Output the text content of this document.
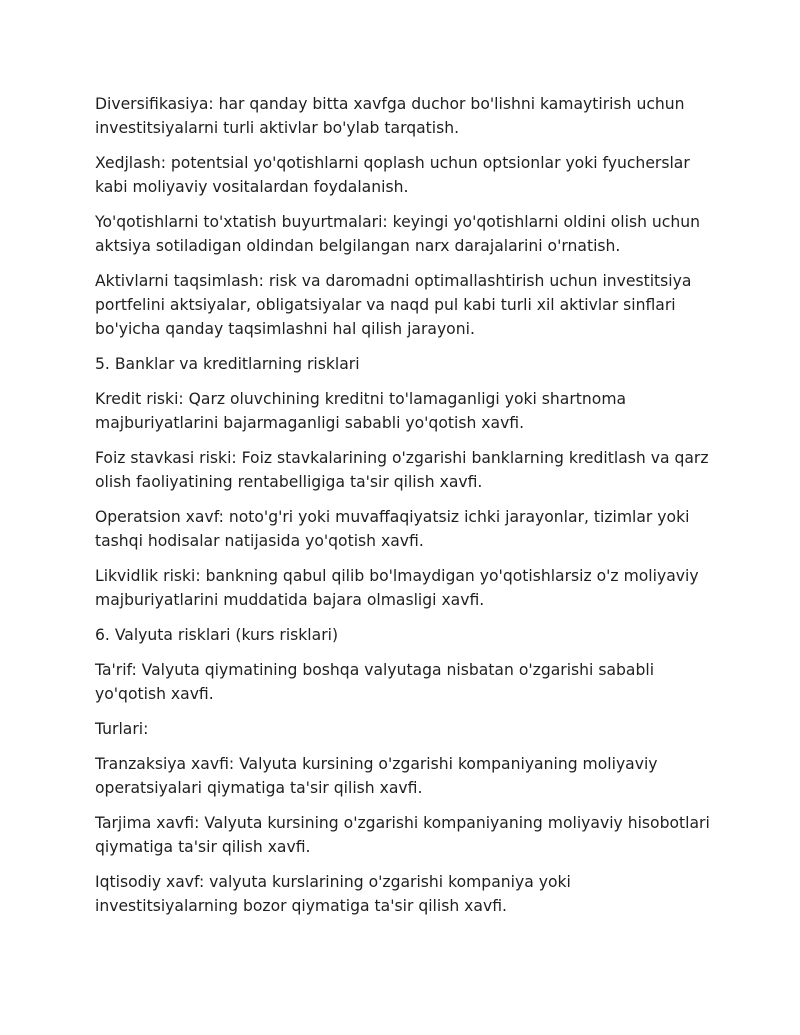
Diversifikasiya: har qanday bitta xavfga duchor bo'lishni kamaytirish uchun investitsiyalarni turli aktivlar bo'ylab tarqatish.

Xedjlash: potentsial yo'qotishlarni qoplash uchun optsionlar yoki fyucherslar kabi moliyaviy vositalardan foydalanish.

Yo'qotishlarni to'xtatish buyurtmalari: keyingi yo'qotishlarni oldini olish uchun aktsiya sotiladigan oldindan belgilangan narx darajalarini o'rnatish.

Aktivlarni taqsimlash: risk va daromadni optimallashtirish uchun investitsiya portfelini aktsiyalar, obligatsiyalar va naqd pul kabi turli xil aktivlar sinflari bo'yicha qanday taqsimlashni hal qilish jarayoni.

5. Banklar va kreditlarning risklari

Kredit riski: Qarz oluvchining kreditni to'lamaganligi yoki shartnoma majburiyatlarini bajarmaganligi sababli yo'qotish xavfi.

Foiz stavkasi riski: Foiz stavkalarining o'zgarishi banklarning kreditlash va qarz olish faoliyatining rentabelligiga ta'sir qilish xavfi.

Operatsion xavf: noto'g'ri yoki muvaffaqiyatsiz ichki jarayonlar, tizimlar yoki tashqi hodisalar natijasida yo'qotish xavfi.

Likvidlik riski: bankning qabul qilib bo'lmaydigan yo'qotishlarsiz o'z moliyaviy majburiyatlarini muddatida bajara olmasligi xavfi.

6. Valyuta risklari (kurs risklari)

Ta'rif: Valyuta qiymatining boshqa valyutaga nisbatan o'zgarishi sababli yo'qotish xavfi.

Turlari:

Tranzaksiya xavfi: Valyuta kursining o'zgarishi kompaniyaning moliyaviy operatsiyalari qiymatiga ta'sir qilish xavfi.

Tarjima xavfi: Valyuta kursining o'zgarishi kompaniyaning moliyaviy hisobotlari qiymatiga ta'sir qilish xavfi.

Iqtisodiy xavf: valyuta kurslarining o'zgarishi kompaniya yoki investitsiyalarning bozor qiymatiga ta'sir qilish xavfi.
